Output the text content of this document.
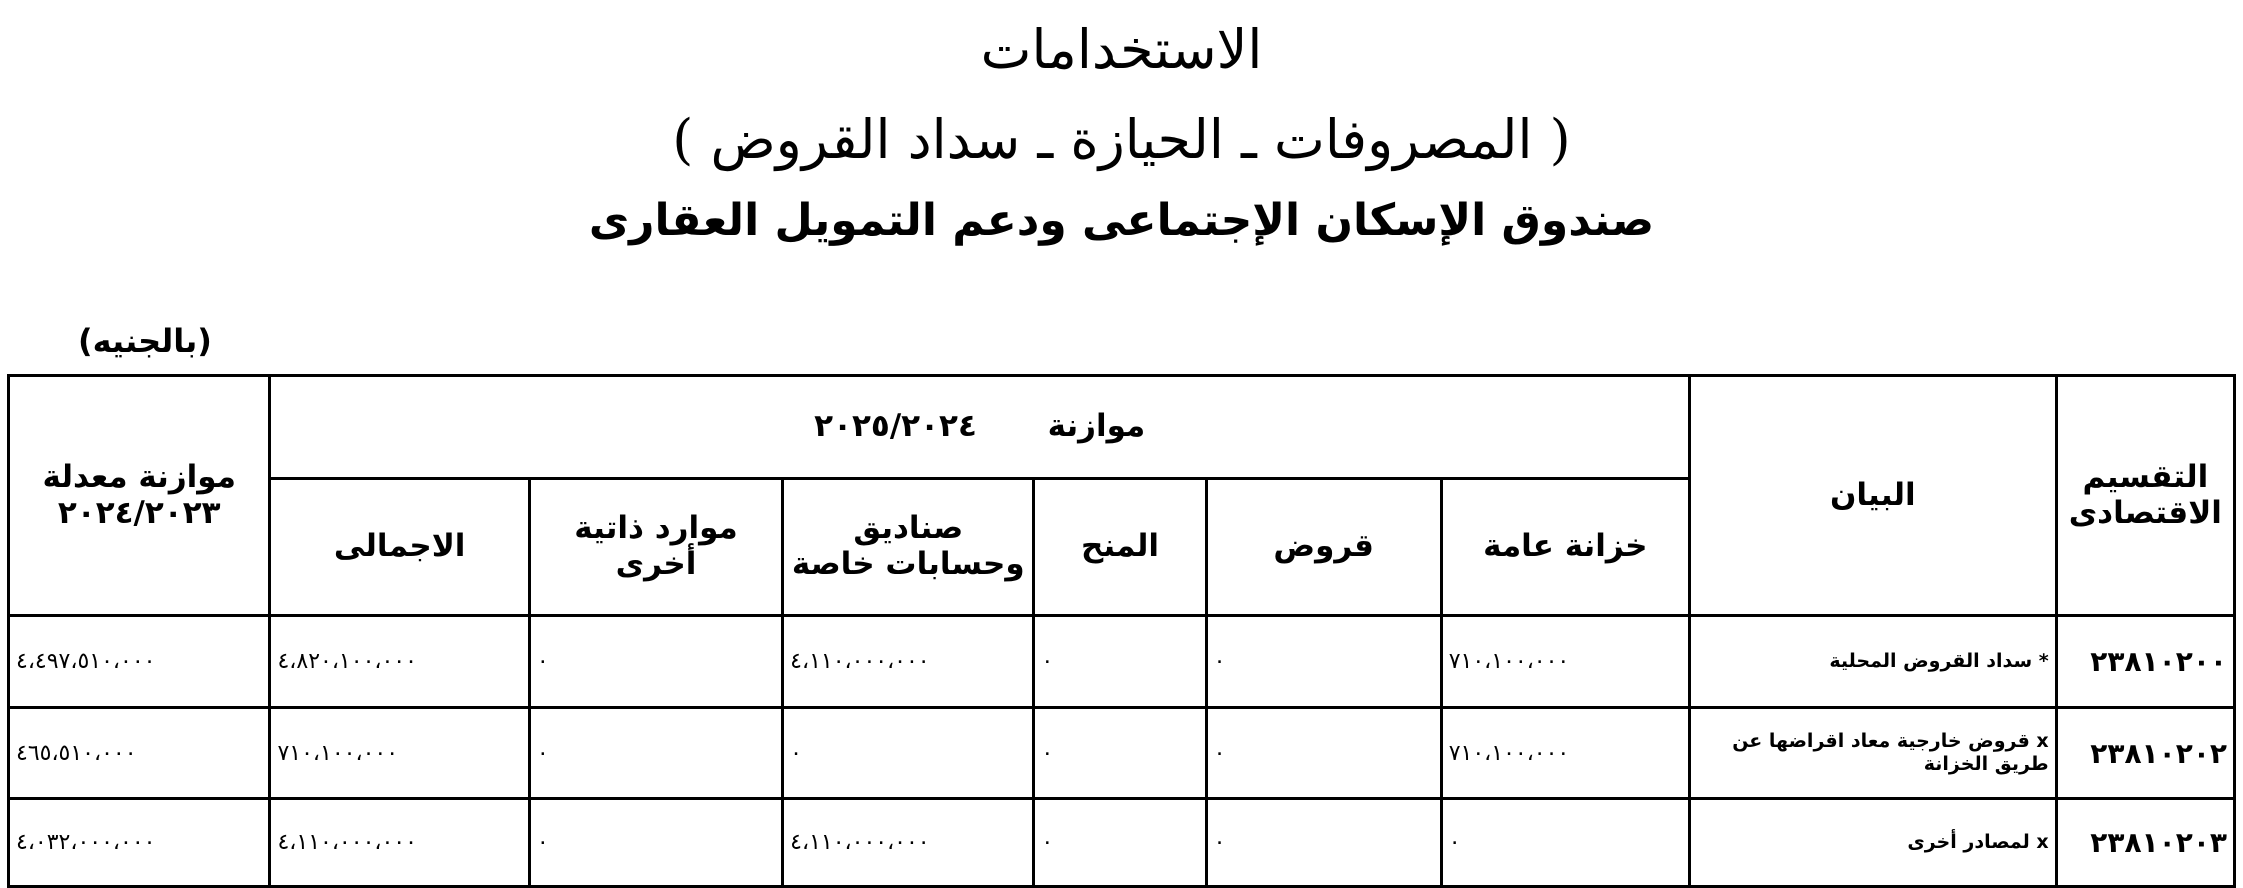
الاستخدامات
( المصروفات ـ الحيازة ـ سداد القروض )
صندوق الإسكان الإجتماعى ودعم التمويل العقارى
(بالجنيه)
التقسيم الاقتصادى	البيان	موازنة ٢٠٢٥/٢٠٢٤						موازنة معدلة
٢٠٢٤/٢٠٢٣

		خزانة عامة	قروض	المنح	صناديق وحسابات خاصة	موارد ذاتية أخرى	الاجمالى	
٢٣٨١٠٢٠٠	* سداد القروض المحلية	٧١٠،١٠٠،٠٠٠	٠	٠	٤،١١٠،٠٠٠،٠٠٠	٠	٤،٨٢٠،١٠٠،٠٠٠	٤،٤٩٧،٥١٠،٠٠٠
٢٣٨١٠٢٠٢	x قروض خارجية معاد اقراضها عن طريق الخزانة	٧١٠،١٠٠،٠٠٠	٠	٠	٠	٠	٧١٠،١٠٠،٠٠٠	٤٦٥،٥١٠،٠٠٠
٢٣٨١٠٢٠٣	x لمصادر أخرى	٠	٠	٠	٤،١١٠،٠٠٠،٠٠٠	٠	٤،١١٠،٠٠٠،٠٠٠	٤،٠٣٢،٠٠٠،٠٠٠
